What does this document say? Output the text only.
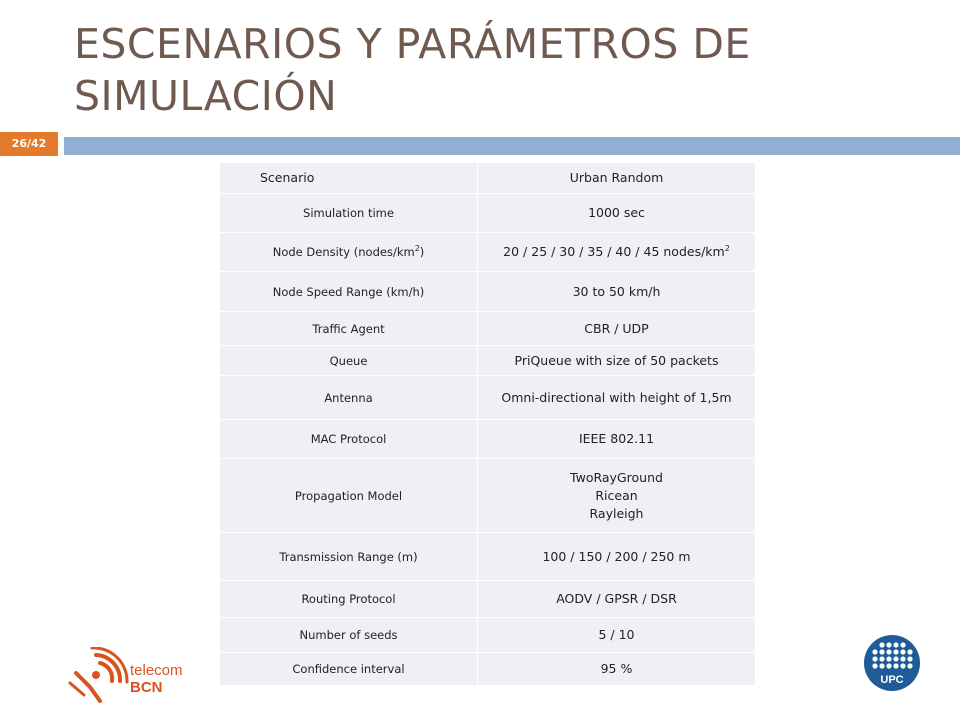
ESCENARIOS Y PARÁMETROS DE SIMULACIÓN
26/42
Scenario	Urban Random
Simulation time	1000 sec
Node Density $(nodes/km^2)$	20 / 25 / 30 / 35 / 40 / 45 nodes/$km^2$
Node Speed Range (km/h)	30 to 50 km/h
Traffic Agent	CBR / UDP
Queue	PriQueue with size of 50 packets
Antenna	Omni-directional with height of 1,5m
MAC Protocol	IEEE 802.11
Propagation Model	TwoRayGround
Ricean
Rayleigh

Transmission Range (m)	100 / 150 / 200 / 250 m
Routing Protocol	AODV / GPSR / DSR
Number of seeds	5 / 10
Confidence interval	95 %
telecom
BCN	UPC
